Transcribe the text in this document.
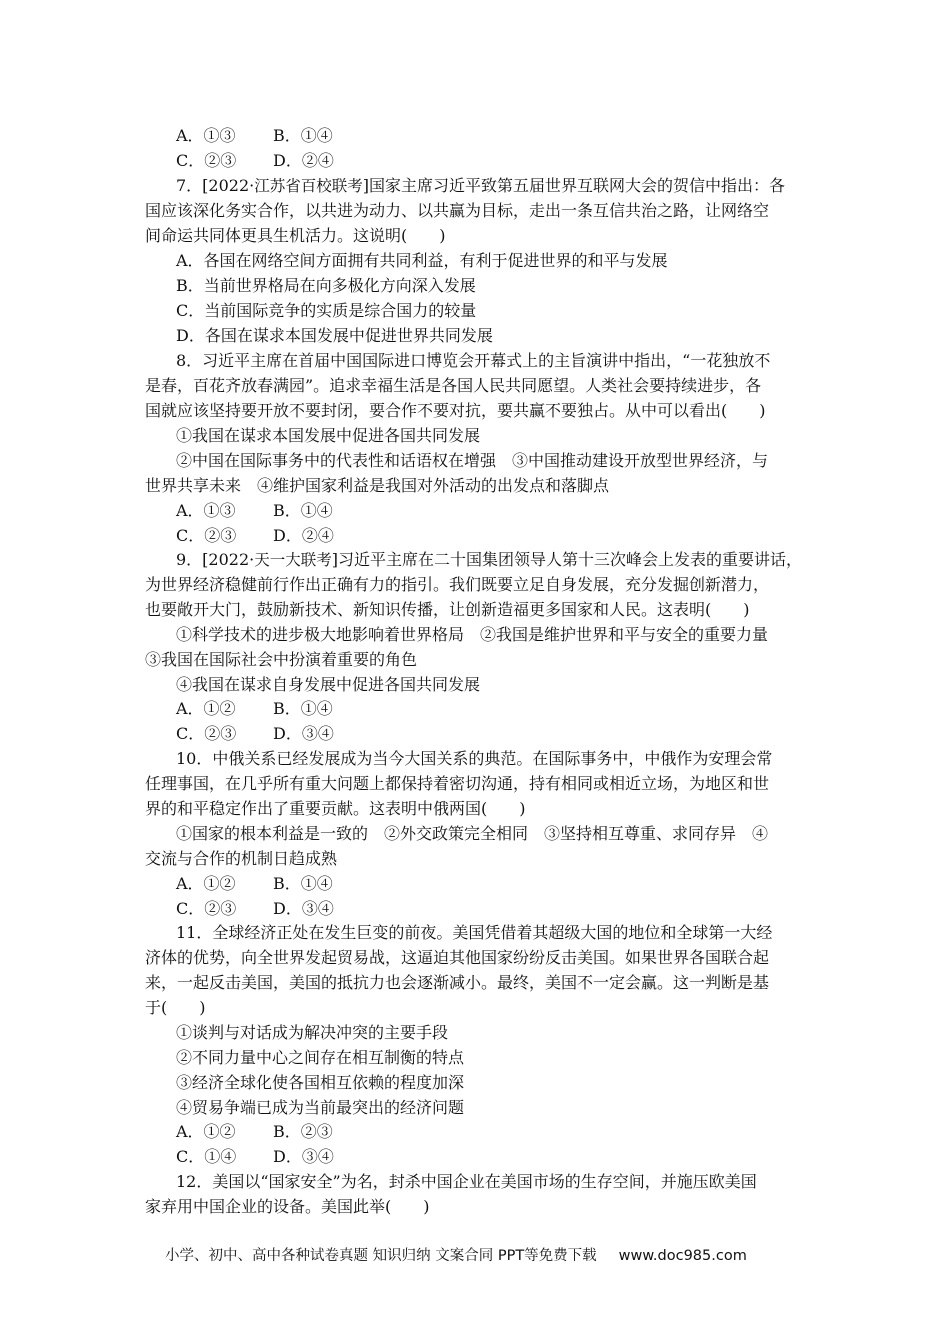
A．①③ B．①④
C．②③ D．②④
7．[2022·江苏省百校联考]国家主席习近平致第五届世界互联网大会的贺信中指出：各
国应该深化务实合作，以共进为动力、以共赢为目标，走出一条互信共治之路，让网络空
间命运共同体更具生机活力。这说明(　　)
A．各国在网络空间方面拥有共同利益，有利于促进世界的和平与发展
B．当前世界格局在向多极化方向深入发展
C．当前国际竞争的实质是综合国力的较量
D．各国在谋求本国发展中促进世界共同发展
8．习近平主席在首届中国国际进口博览会开幕式上的主旨演讲中指出，“一花独放不
是春，百花齐放春满园”。追求幸福生活是各国人民共同愿望。人类社会要持续进步，各
国就应该坚持要开放不要封闭，要合作不要对抗，要共赢不要独占。从中可以看出(　　)
①我国在谋求本国发展中促进各国共同发展
②中国在国际事务中的代表性和话语权在增强　③中国推动建设开放型世界经济，与
世界共享未来　④维护国家利益是我国对外活动的出发点和落脚点
A．①③ B．①④
C．②③ D．②④
9．[2022·天一大联考]习近平主席在二十国集团领导人第十三次峰会上发表的重要讲话，
为世界经济稳健前行作出正确有力的指引。我们既要立足自身发展，充分发掘创新潜力，
也要敞开大门，鼓励新技术、新知识传播，让创新造福更多国家和人民。这表明(　　)
①科学技术的进步极大地影响着世界格局　②我国是维护世界和平与安全的重要力量
③我国在国际社会中扮演着重要的角色
④我国在谋求自身发展中促进各国共同发展
A．①② B．①④
C．②③ D．③④
10．中俄关系已经发展成为当今大国关系的典范。在国际事务中，中俄作为安理会常
任理事国，在几乎所有重大问题上都保持着密切沟通，持有相同或相近立场，为地区和世
界的和平稳定作出了重要贡献。这表明中俄两国(　　)
①国家的根本利益是一致的　②外交政策完全相同　③坚持相互尊重、求同存异　④
交流与合作的机制日趋成熟
A．①② B．①④
C．②③ D．③④
11．全球经济正处在发生巨变的前夜。美国凭借着其超级大国的地位和全球第一大经
济体的优势，向全世界发起贸易战，这逼迫其他国家纷纷反击美国。如果世界各国联合起
来，一起反击美国，美国的抵抗力也会逐渐减小。最终，美国不一定会赢。这一判断是基
于(　　)
①谈判与对话成为解决冲突的主要手段
②不同力量中心之间存在相互制衡的特点
③经济全球化使各国相互依赖的程度加深
④贸易争端已成为当前最突出的经济问题
A．①② B．②③
C．①④ D．③④
12．美国以“国家安全”为名，封杀中国企业在美国市场的生存空间，并施压欧美国
家弃用中国企业的设备。美国此举(　　)
小学、初中、高中各种试卷真题 知识归纳 文案合同 PPT等免费下载 www.doc985.com
